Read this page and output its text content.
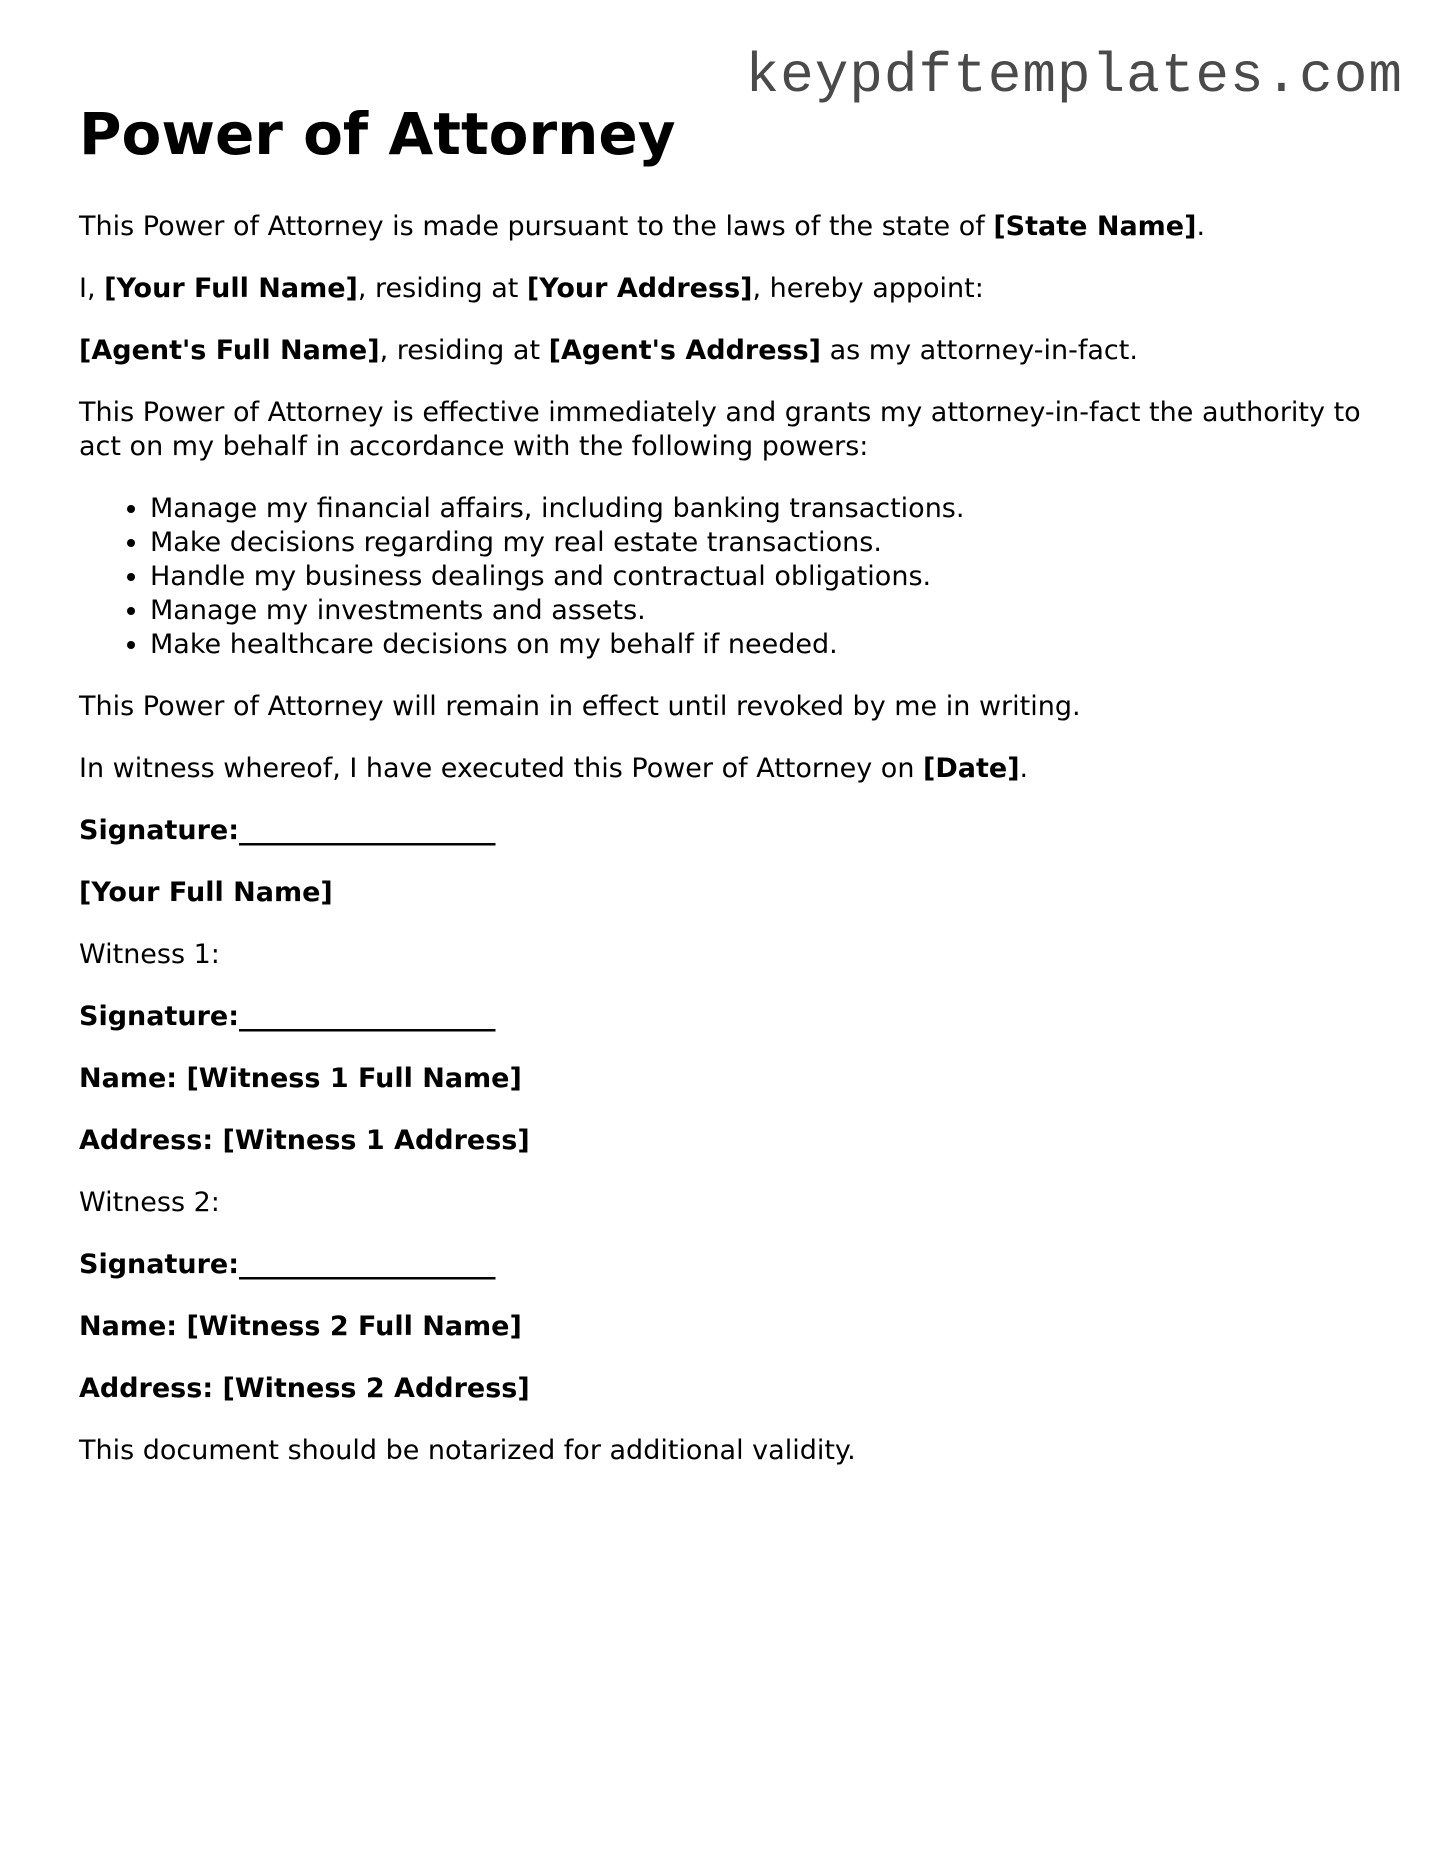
keypdftemplates.com
Power of Attorney

This Power of Attorney is made pursuant to the laws of the state of [State Name].

I, [Your Full Name], residing at [Your Address], hereby appoint:

[Agent's Full Name], residing at [Agent's Address] as my attorney-in-fact.

This Power of Attorney is effective immediately and grants my attorney-in-fact the authority to act on my behalf in accordance with the following powers:

• Manage my financial affairs, including banking transactions.
• Make decisions regarding my real estate transactions.
• Handle my business dealings and contractual obligations.
• Manage my investments and assets.
• Make healthcare decisions on my behalf if needed.

This Power of Attorney will remain in effect until revoked by me in writing.

In witness whereof, I have executed this Power of Attorney on [Date].

Signature:___________________

[Your Full Name]

Witness 1:

Signature:___________________

Name: [Witness 1 Full Name]

Address: [Witness 1 Address]

Witness 2:

Signature:___________________

Name: [Witness 2 Full Name]

Address: [Witness 2 Address]

This document should be notarized for additional validity.
